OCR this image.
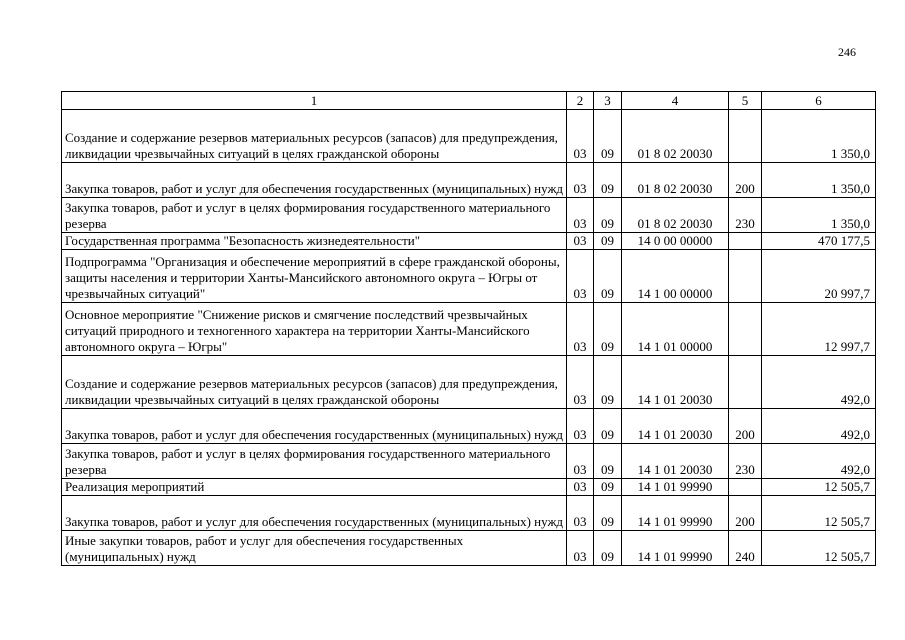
246
1	2	3	4	5	6
Создание и содержание резервов материальных ресурсов (запасов) для предупреждения, ликвидации чрезвычайных ситуаций в целях гражданской обороны	03	09	01 8 02 20030		1 350,0
Закупка товаров, работ и услуг для обеспечения государственных (муниципальных) нужд	03	09	01 8 02 20030	200	1 350,0
Закупка товаров, работ и услуг в целях формирования государственного материального резерва	03	09	01 8 02 20030	230	1 350,0
Государственная программа "Безопасность жизнедеятельности"	03	09	14 0 00 00000		470 177,5
Подпрограмма "Организация и обеспечение мероприятий в сфере гражданской обороны, защиты населения и территории Ханты-Мансийского автономного округа – Югры от чрезвычайных ситуаций"	03	09	14 1 00 00000		20 997,7
Основное мероприятие "Снижение рисков и смягчение последствий чрезвычайных ситуаций природного и техногенного характера на территории Ханты-Мансийского автономного округа – Югры"	03	09	14 1 01 00000		12 997,7
Создание и содержание резервов материальных ресурсов (запасов) для предупреждения, ликвидации чрезвычайных ситуаций в целях гражданской обороны	03	09	14 1 01 20030		492,0
Закупка товаров, работ и услуг для обеспечения государственных (муниципальных) нужд	03	09	14 1 01 20030	200	492,0
Закупка товаров, работ и услуг в целях формирования государственного материального резерва	03	09	14 1 01 20030	230	492,0
Реализация мероприятий	03	09	14 1 01 99990		12 505,7
Закупка товаров, работ и услуг для обеспечения государственных (муниципальных) нужд	03	09	14 1 01 99990	200	12 505,7
Иные закупки товаров, работ и услуг для обеспечения государственных (муниципальных) нужд	03	09	14 1 01 99990	240	12 505,7
